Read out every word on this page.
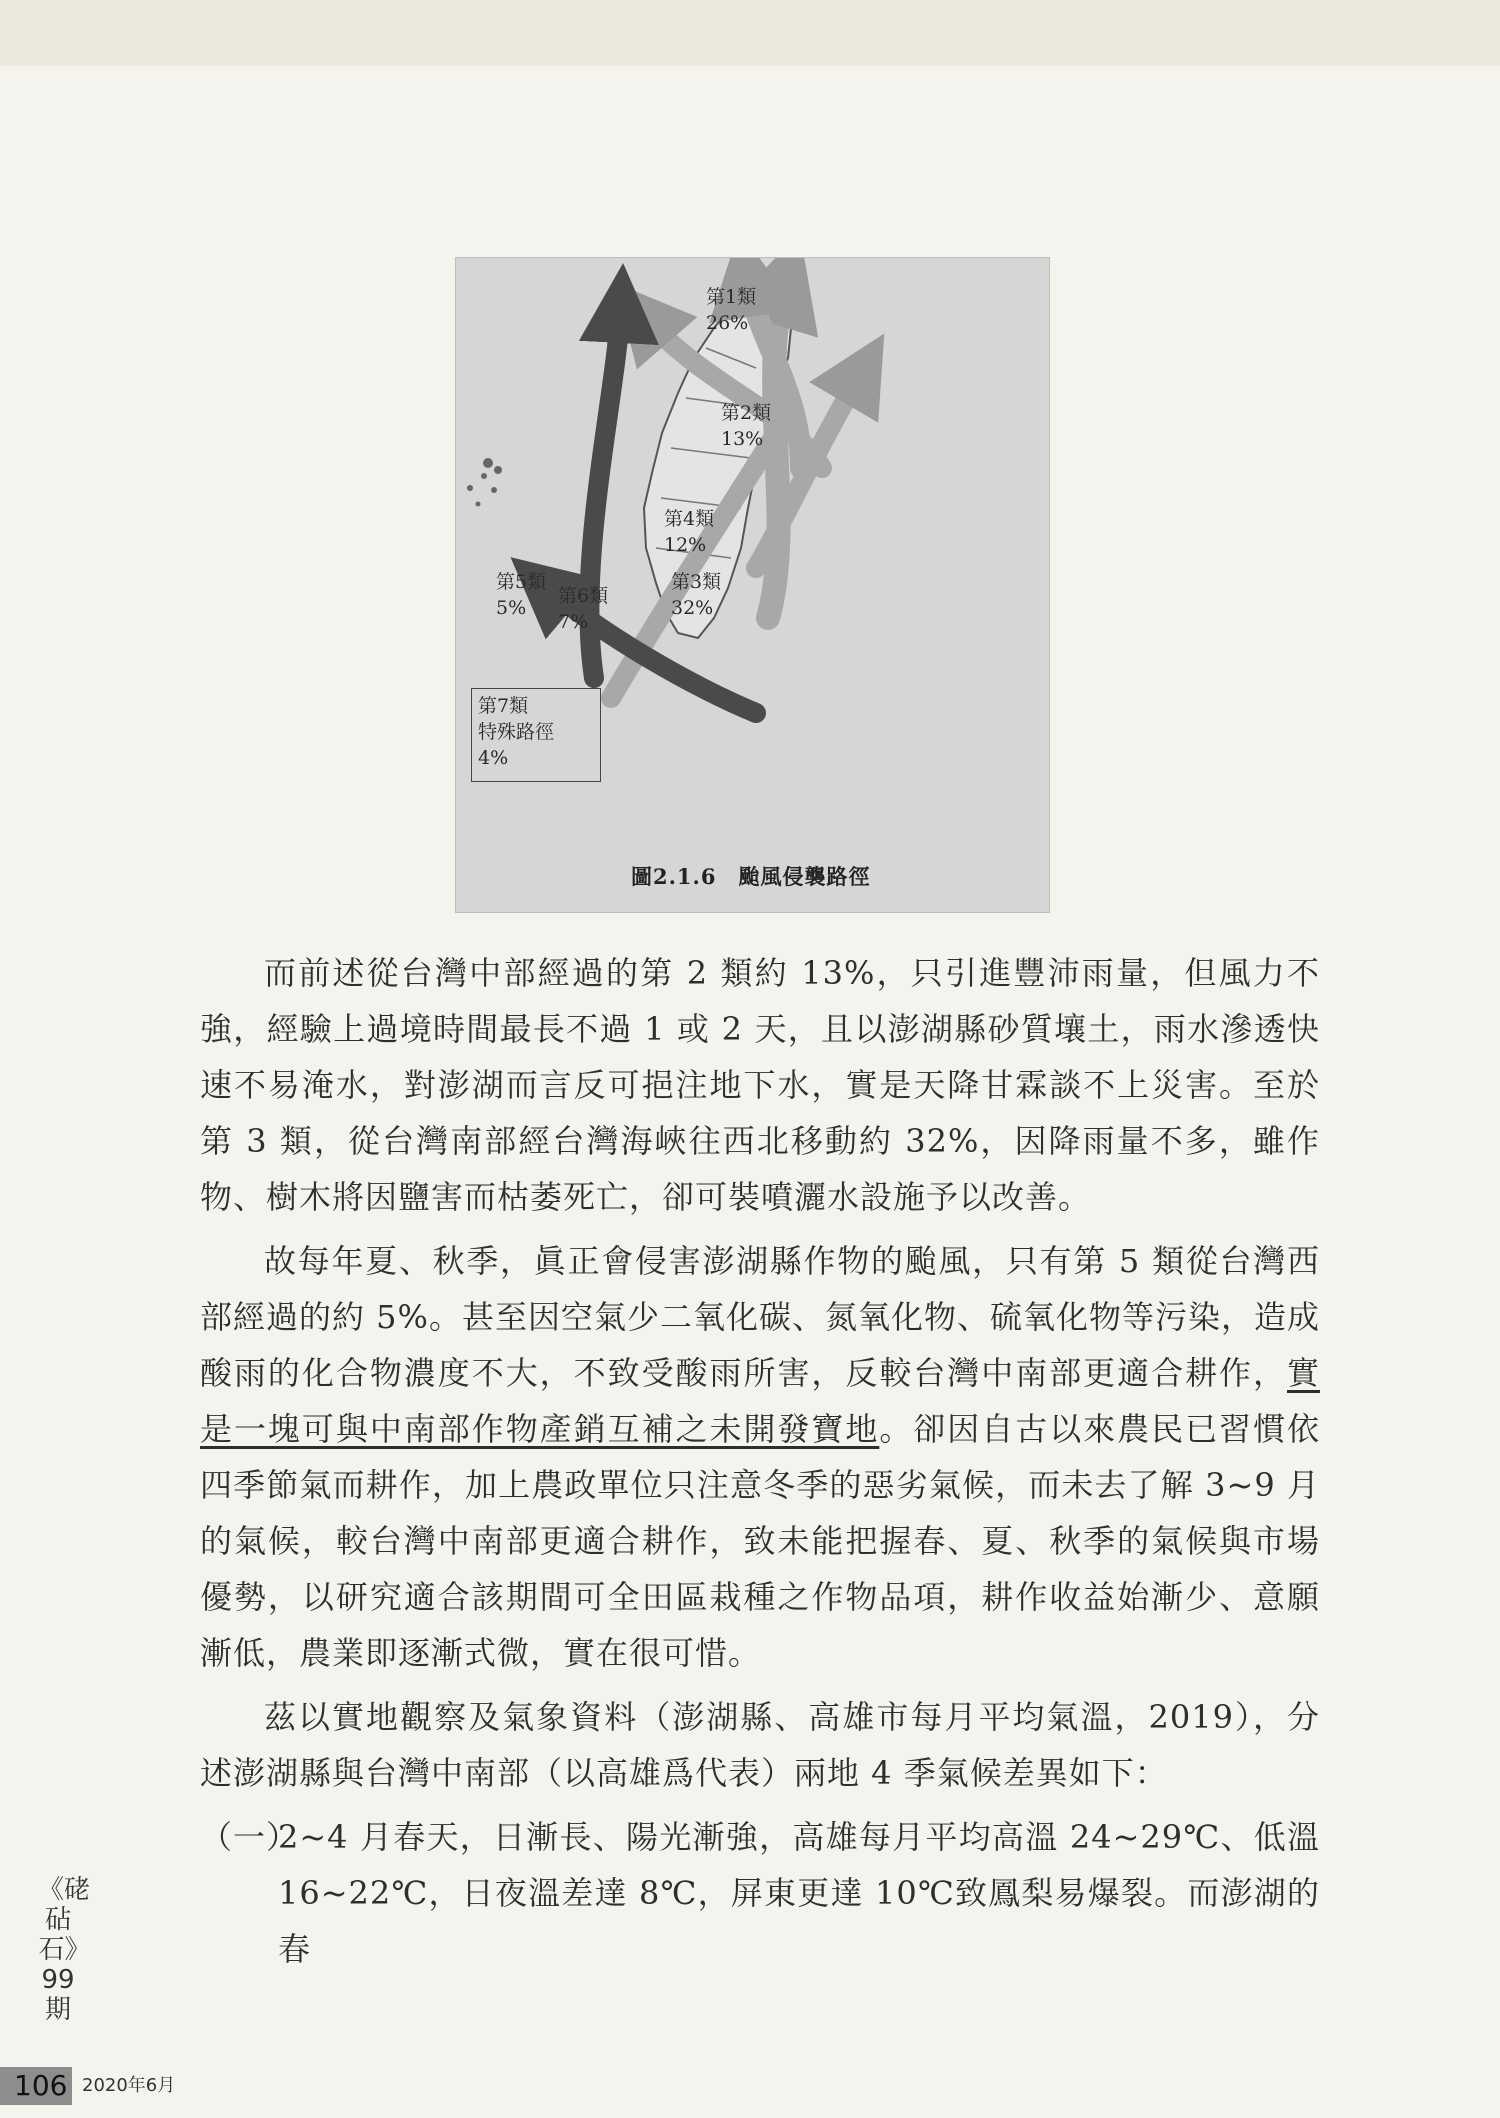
第1類
26%
第2類
13%
第4類
12%
第3類
32%
第5類
5%
第6類
7%
第7類
特殊路徑
4%
圖2.1.6　颱風侵襲路徑

而前述從台灣中部經過的第 2 類約 13%，只引進豐沛雨量，但風力不強，經驗上過境時間最長不過 1 或 2 天，且以澎湖縣砂質壤土，雨水滲透快速不易淹水，對澎湖而言反可挹注地下水，實是天降甘霖談不上災害。至於第 3 類，從台灣南部經台灣海峽往西北移動約 32%，因降雨量不多，雖作物、樹木將因鹽害而枯萎死亡，卻可裝噴灑水設施予以改善。

故每年夏、秋季，眞正會侵害澎湖縣作物的颱風，只有第 5 類從台灣西部經過的約 5%。甚至因空氣少二氧化碳、氮氧化物、硫氧化物等污染，造成酸雨的化合物濃度不大，不致受酸雨所害，反較台灣中南部更適合耕作，實是一塊可與中南部作物產銷互補之未開發寶地。卻因自古以來農民已習慣依四季節氣而耕作，加上農政單位只注意冬季的惡劣氣候，而未去了解 3~9 月的氣候，較台灣中南部更適合耕作，致未能把握春、夏、秋季的氣候與市場優勢，以研究適合該期間可全田區栽種之作物品項，耕作收益始漸少、意願漸低，農業即逐漸式微，實在很可惜。

茲以實地觀察及氣象資料（澎湖縣、高雄市每月平均氣溫，2019），分述澎湖縣與台灣中南部（以高雄爲代表）兩地 4 季氣候差異如下：

（一）
2~4 月春天，日漸長、陽光漸強，高雄每月平均高溫 24~29℃、低溫 16~22℃，日夜溫差達 8℃，屏東更達 10℃致鳳梨易爆裂。而澎湖的春

《硓砧石》99期
106 2020年6月
